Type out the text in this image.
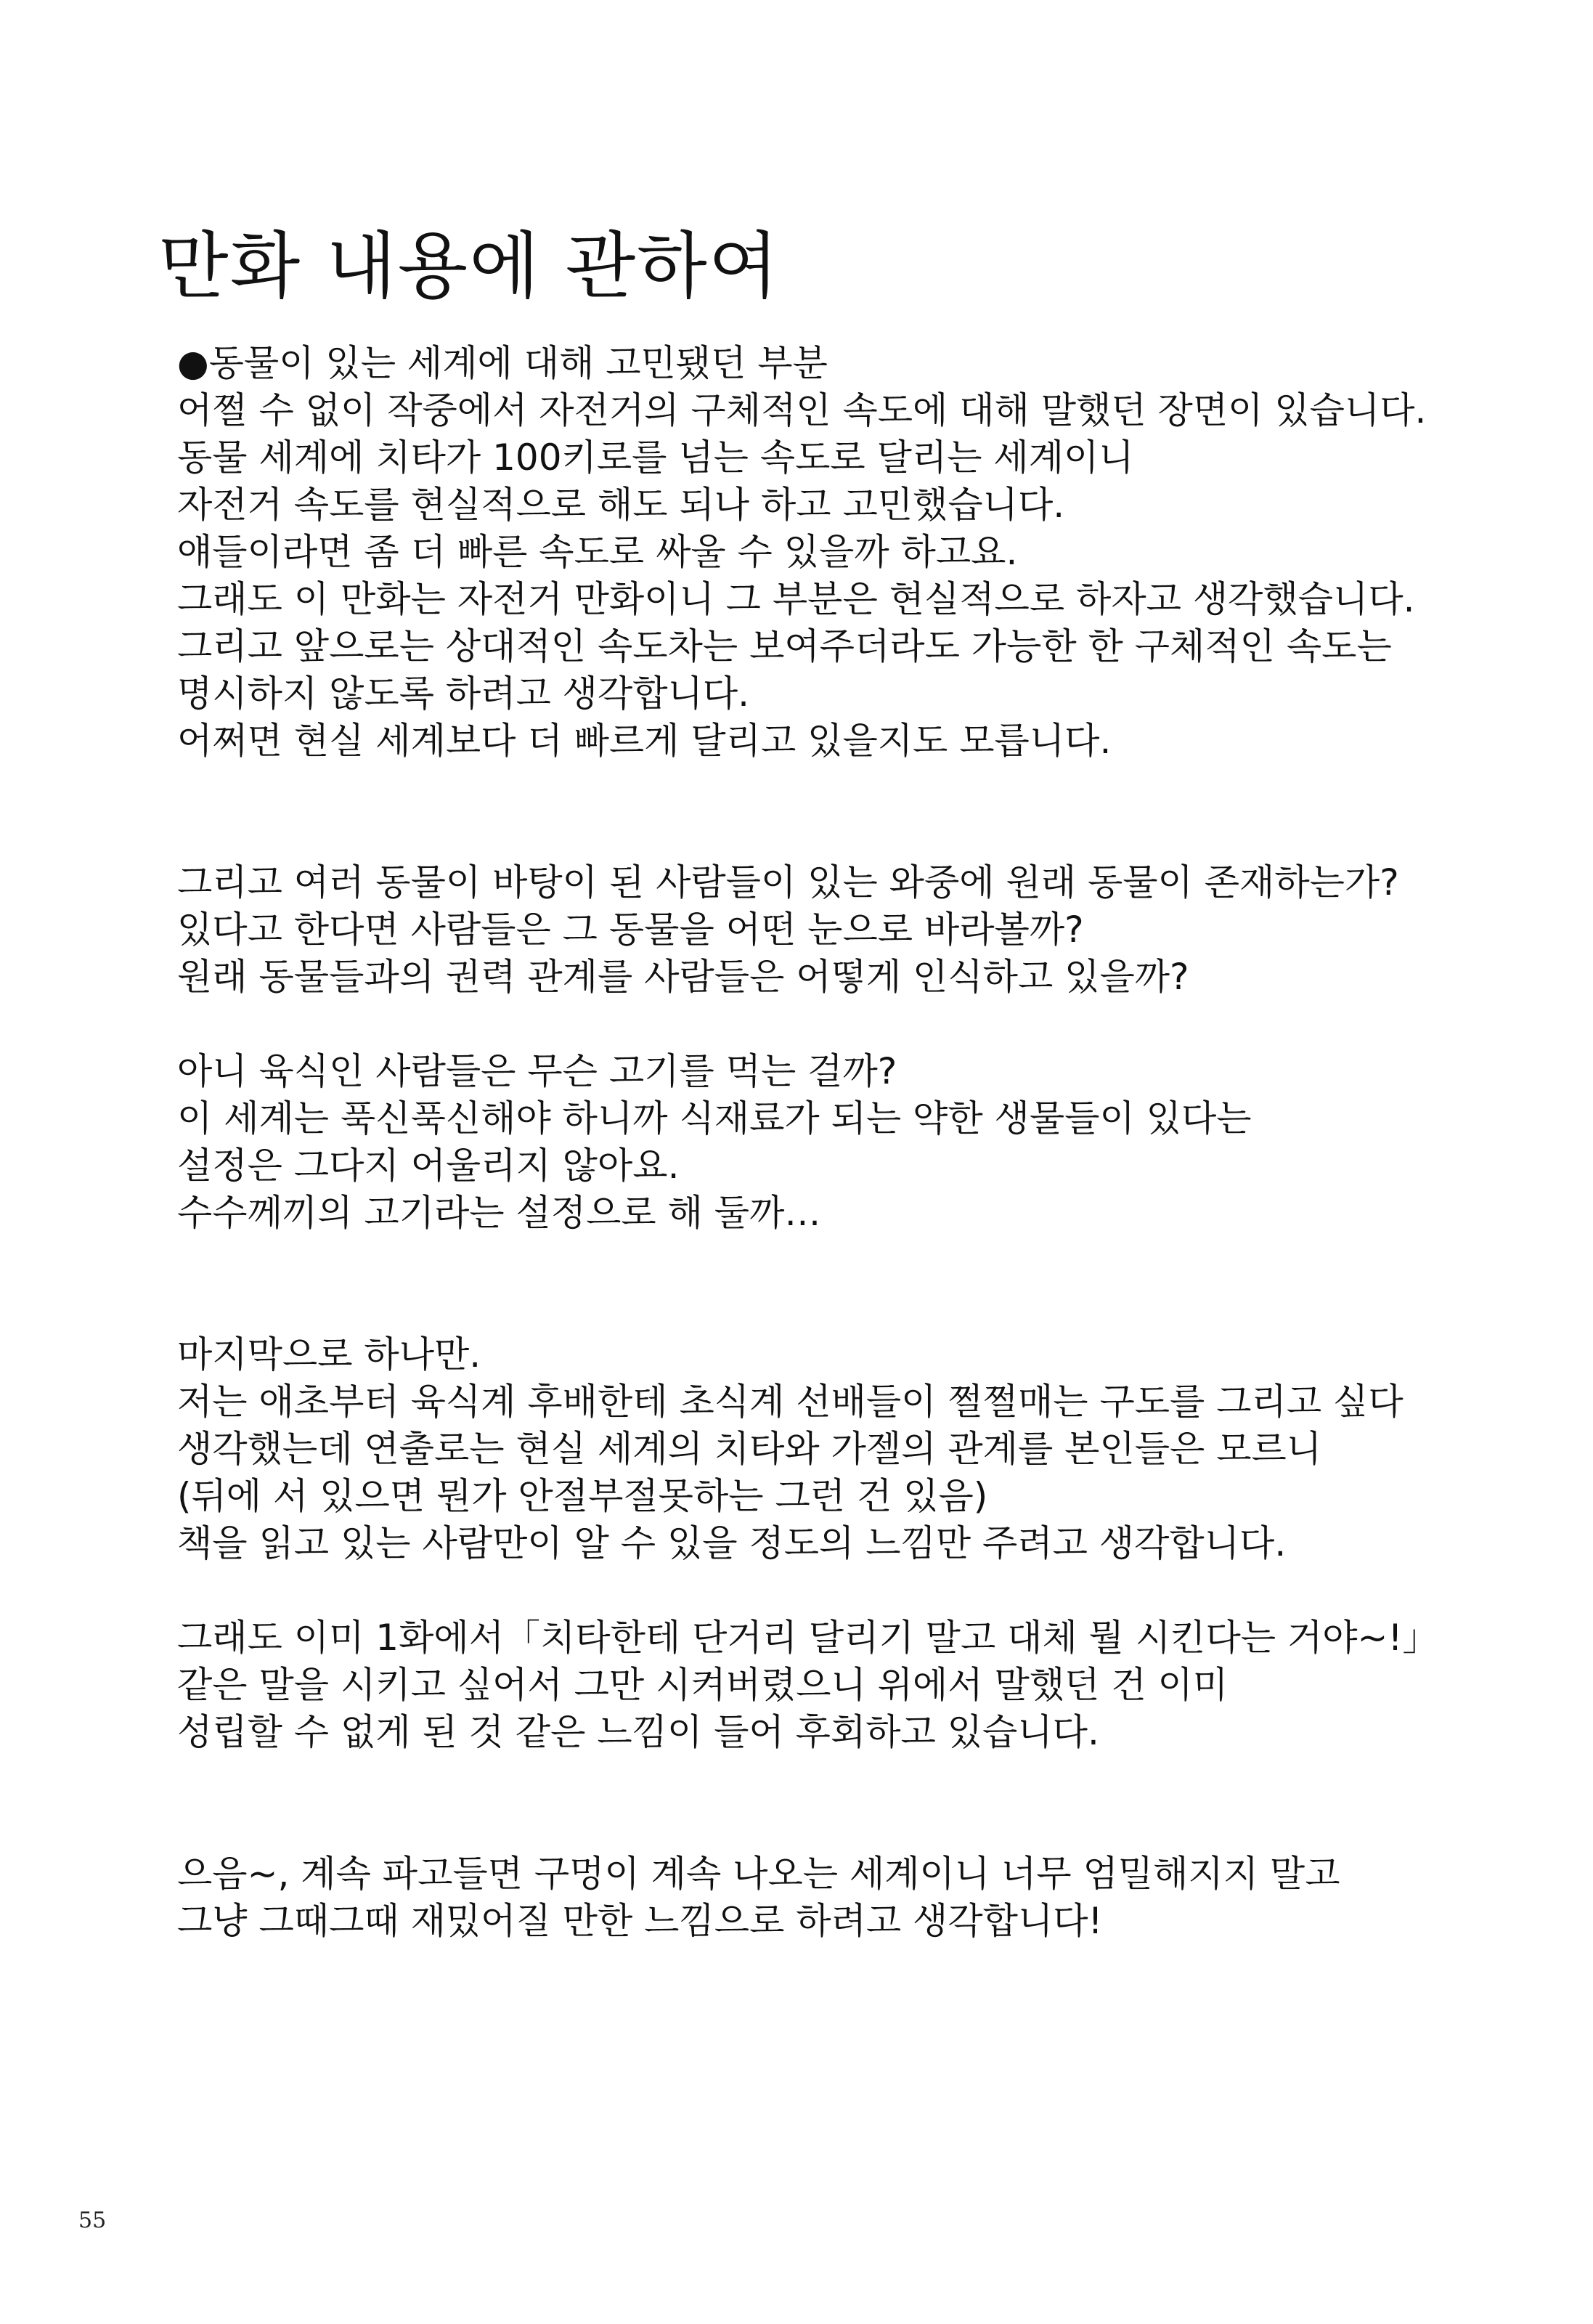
만화 내용에 관하여

●동물이 있는 세계에 대해 고민됐던 부분
어쩔 수 없이 작중에서 자전거의 구체적인 속도에 대해 말했던 장면이 있습니다.
동물 세계에 치타가 100키로를 넘는 속도로 달리는 세계이니
자전거 속도를 현실적으로 해도 되나 하고 고민했습니다.
얘들이라면 좀 더 빠른 속도로 싸울 수 있을까 하고요.
그래도 이 만화는 자전거 만화이니 그 부분은 현실적으로 하자고 생각했습니다.
그리고 앞으로는 상대적인 속도차는 보여주더라도 가능한 한 구체적인 속도는
명시하지 않도록 하려고 생각합니다.
어쩌면 현실 세계보다 더 빠르게 달리고 있을지도 모릅니다.

그리고 여러 동물이 바탕이 된 사람들이 있는 와중에 원래 동물이 존재하는가?
있다고 한다면 사람들은 그 동물을 어떤 눈으로 바라볼까?
원래 동물들과의 권력 관계를 사람들은 어떻게 인식하고 있을까?

아니 육식인 사람들은 무슨 고기를 먹는 걸까?
이 세계는 푹신푹신해야 하니까 식재료가 되는 약한 생물들이 있다는
설정은 그다지 어울리지 않아요.
수수께끼의 고기라는 설정으로 해 둘까…

마지막으로 하나만.
저는 애초부터 육식계 후배한테 초식계 선배들이 쩔쩔매는 구도를 그리고 싶다
생각했는데 연출로는 현실 세계의 치타와 가젤의 관계를 본인들은 모르니
(뒤에 서 있으면 뭔가 안절부절못하는 그런 건 있음)
책을 읽고 있는 사람만이 알 수 있을 정도의 느낌만 주려고 생각합니다.

그래도 이미 1화에서「치타한테 단거리 달리기 말고 대체 뭘 시킨다는 거야~!」
같은 말을 시키고 싶어서 그만 시켜버렸으니 위에서 말했던 건 이미
성립할 수 없게 된 것 같은 느낌이 들어 후회하고 있습니다.

으음~, 계속 파고들면 구멍이 계속 나오는 세계이니 너무 엄밀해지지 말고
그냥 그때그때 재밌어질 만한 느낌으로 하려고 생각합니다!

55
